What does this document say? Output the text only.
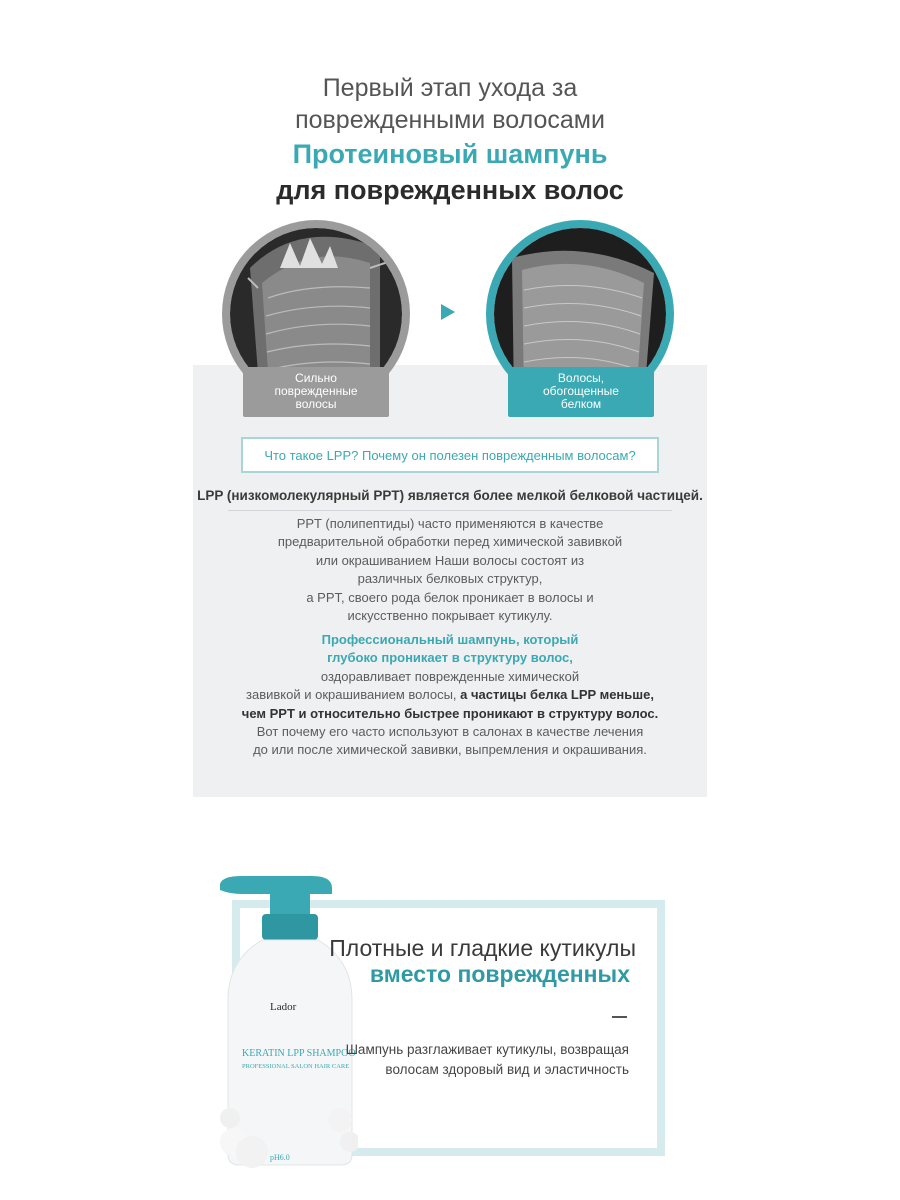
Первый этап ухода за
поврежденными волосами
Протеиновый шампунь
для поврежденных волос
Сильно
поврежденные
волосы
Волосы,
обогощенные
белком
Что такое LPP?
Почему он полезен поврежденным волосам?
LPP (низкомолекулярный PPT) является более мелкой белковой частицей.
PPT (полипептиды) часто применяются в качестве
предварительной обработки перед химической завивкой
или окрашиванием Наши волосы состоят из
различных белковых структур,
а PPT, своего рода белок проникает в волосы и
искусственно покрывает кутикулу.
Профессиональный шампунь, который
глубоко проникает в структуру волос,
оздоравливает поврежденные химической
завивкой и окрашиванием волосы, а частицы белка LPP меньше,
чем PPT и относительно быстрее проникают в структуру волос.
Вот почему его часто используют в салонах в качестве лечения
до или после химической завивки, выпремления и окрашивания.
Lador
KERATIN LPP SHAMPOO
PROFESSIONAL SALON HAIR CARE
pH6.0
Плотные и гладкие кутикулы
вместо поврежденных
Шампунь разглаживает кутикулы, возвращая
волосам здоровый вид и эластичность
